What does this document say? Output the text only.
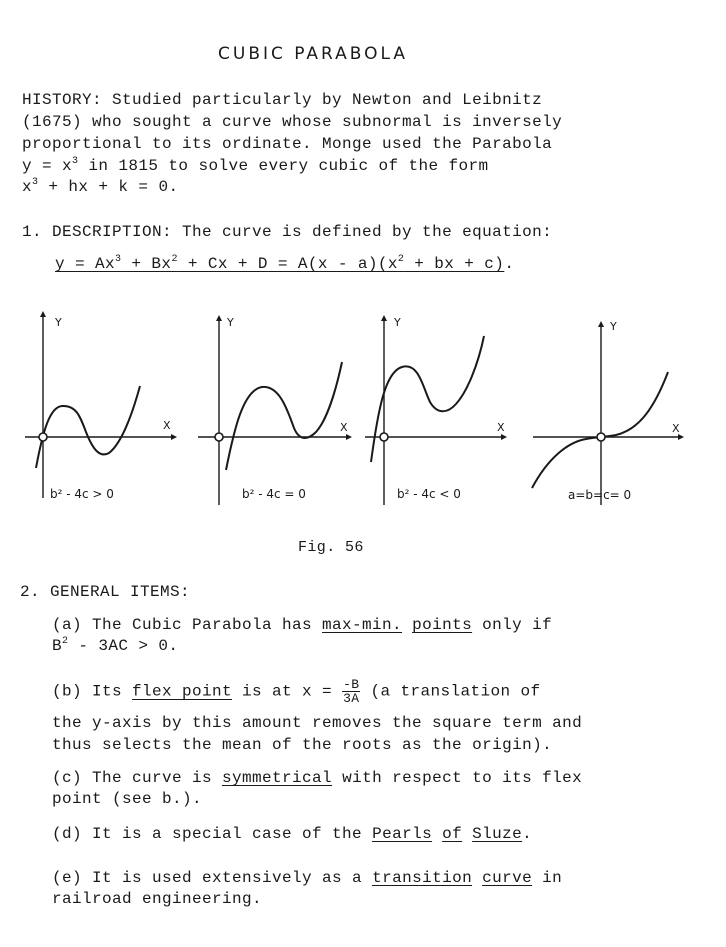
CUBIC PARABOLA
HISTORY: Studied particularly by Newton and Leibnitz
(1675) who sought a curve whose subnormal is inversely
proportional to its ordinate. Monge used the Parabola
$y = x^3$ in 1815 to solve every cubic of the form
$x^3$ + hx + k = 0.
1. DESCRIPTION: The curve is defined by the equation:
$y = Ax^3 + Bx^2 + Cx + D = A(x - a)(x^2$ + bx + c).
Y
X
Y
X
Y
X
Y
X
b² - 4c > 0	b² - 4c = 0	b² - 4c < 0	a=b=c= 0
Fig. 56
2. GENERAL ITEMS:
(a) The Cubic Parabola has max-min. points only if
$B^2 - 3AC > 0$.
(b) Its flex point is at $x = \frac{-B}{3A} (a$ translation of
the y-axis by this amount removes the square term and
thus selects the mean of the roots as the origin).
(c) The curve is symmetrical with respect to its flex
point (see b.).
(d) It is a special case of the Pearls of Sluze.
(e) It is used extensively as a transition curve in
railroad engineering.
